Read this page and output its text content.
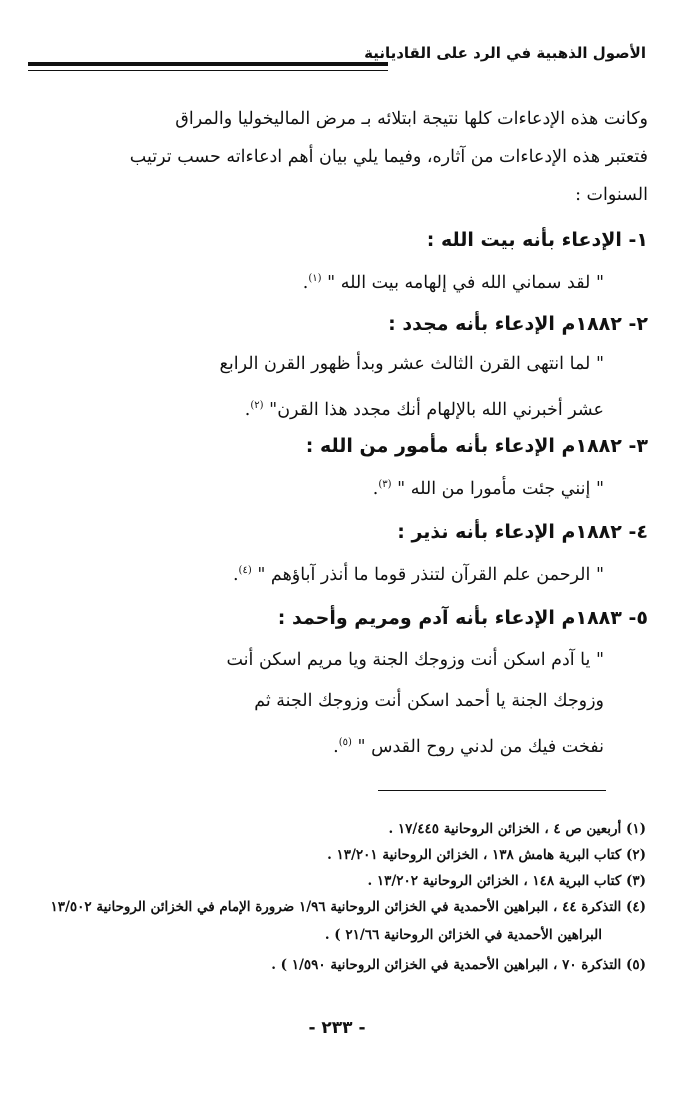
الأصول الذهبية في الرد على القاديانية
وكانت هذه الإدعاءات كلها نتيجة ابتلائه بـ مرض الماليخوليا والمراق
فتعتبر هذه الإدعاءات من آثاره، وفيما يلي بيان أهم ادعاءاته حسب ترتيب
السنوات :
١- الإدعاء بأنه بيت الله :
" لقد سماني الله في إلهامه بيت الله " $^{(١)}$.
٢- ١٨٨٢م الإدعاء بأنه مجدد :
" لما انتهى القرن الثالث عشر وبدأ ظهور القرن الرابع
عشر أخبرني الله بالإلهام أنك مجدد هذا القرن" $^{(٢)}$.
٣- ١٨٨٢م الإدعاء بأنه مأمور من الله :
" إنني جئت مأمورا من الله " $^{(٣)}$.
٤- ١٨٨٢م الإدعاء بأنه نذير :
" الرحمن علم القرآن لتنذر قوما ما أنذر آباؤهم " $^{(٤)}$.
٥- ١٨٨٣م الإدعاء بأنه آدم ومريم وأحمد :
" يا آدم اسكن أنت وزوجك الجنة ويا مريم اسكن أنت
وزوجك الجنة يا أحمد اسكن أنت وزوجك الجنة ثم
نفخت فيك من لدني روح القدس " $^{(٥)}$.
(١) أربعين ص ٤ ، الخزائن الروحانية ١٧/٤٤٥ .
(٢) كتاب البرية هامش ١٣٨ ، الخزائن الروحانية ١٣/٢٠١ .
(٣) كتاب البرية ١٤٨ ، الخزائن الروحانية ١٣/٢٠٢ .
(٤) التذكرة ٤٤ ، البراهين الأحمدية في الخزائن الروحانية ١/٩٦ ضرورة الإمام في الخزائن الروحانية ١٣/٥٠٢
البراهين الأحمدية في الخزائن الروحانية ٢١/٦٦ ) .
(٥) التذكرة ٧٠ ، البراهين الأحمدية في الخزائن الروحانية ١/٥٩٠ ) .
- ٢٣٣ -
